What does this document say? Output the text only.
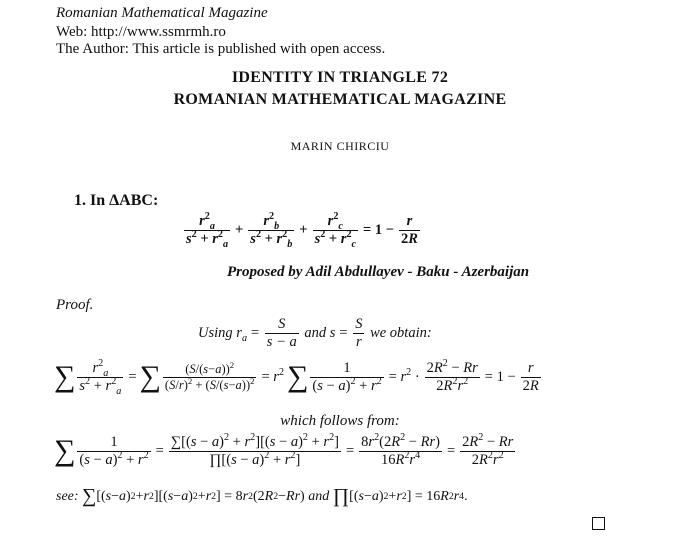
Romanian Mathematical Magazine
Web: http://www.ssmrmh.ro
The Author: This article is published with open access.
IDENTITY IN TRIANGLE 72
ROMANIAN MATHEMATICAL MAGAZINE
MARIN CHIRCIU
1. In ΔABC:
$\frac{r^2_a}{s^2 + r^2_a} + \frac{r^2_b}{s^2 + r^2_b} + \frac{r^2_c}{s^2 + r^2_c} = 1 - \frac{r}{2R}$
Proposed by Adil Abdullayev - Baku - Azerbaijan
Proof.
Using
$r_a = \frac{S}{s - a}$
and
$s = \frac{S}{r}$
we obtain:
∑ $\frac{r^2_a}{s^2 + r^2_a}$ = ∑ $\frac{(S/(s-a))^2}{(S/r)^2 + (S/(s-a))^2} = r^2$ ∑ $\frac{1}{(s - a)^2 + r^2} = r^2 \cdot \frac{2R^2 - Rr}{2R^2r^2} = 1 - \frac{r}{2R}$
which follows from:
∑ $\frac{1}{(s - a)^2 + r^2} = \frac{\sum[(s - a)^2 + r^2][(s - a)^2 + r^2]}{\prod[(s - a)^2 + r^2]} = \frac{8r^2(2R^2 - Rr)}{16R^2r^4} = \frac{2R^2 - Rr}{2R^2r^2}$
see:
∑ [( s − a ) 2 + r 2 ][( s − a ) 2 + r 2 ] = 8 r 2 (2 R 2 − Rr ) and
∏ [( s − a ) 2 + r 2 ] = 16 R 2 r 4 .
